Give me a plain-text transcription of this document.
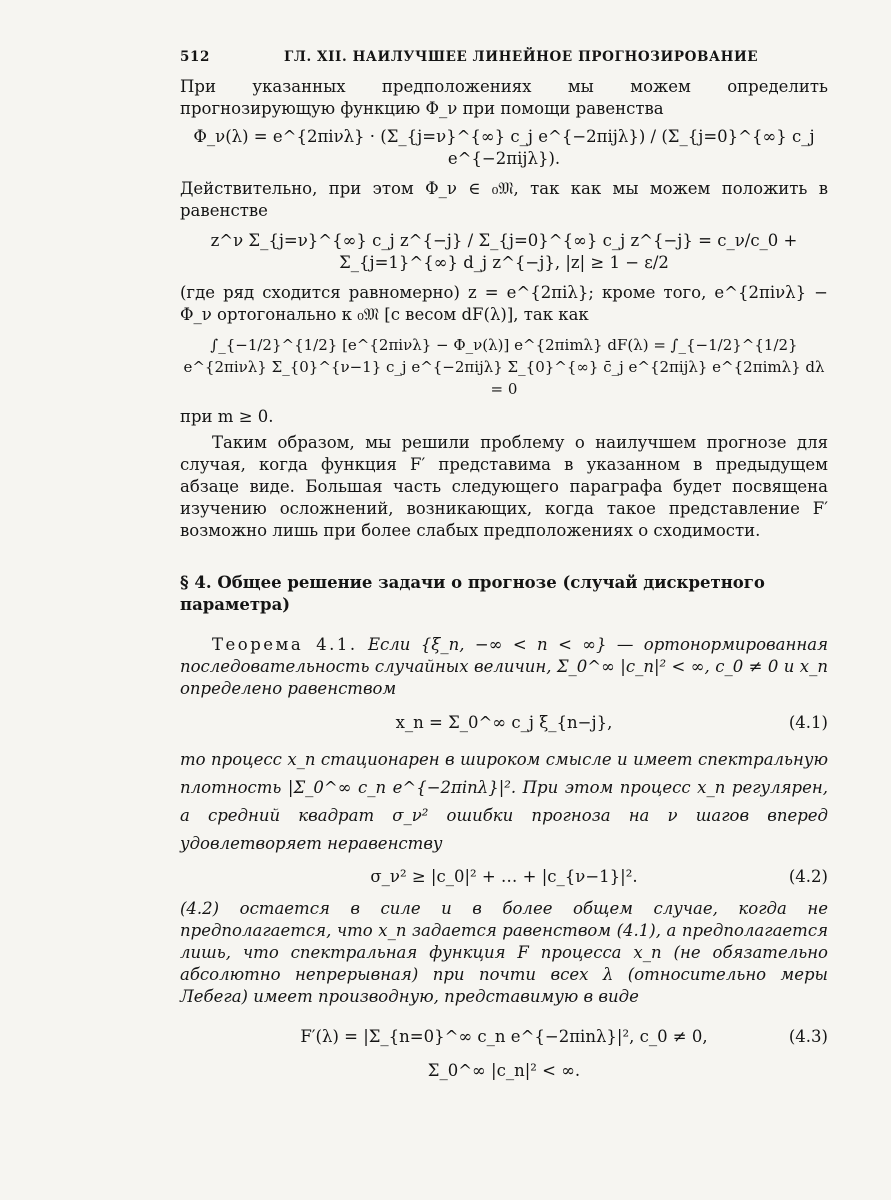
512	ГЛ. XII. НАИЛУЧШЕЕ ЛИНЕЙНОЕ ПРОГНОЗИРОВАНИЕ

При указанных предположениях мы можем определить прогнозирующую функцию Φ_ν при помощи равенства

Φ_ν(λ) = e^{2πiνλ} · (Σ_{j=ν}^{∞} c_j e^{−2πijλ}) / (Σ_{j=0}^{∞} c_j e^{−2πijλ}).

Действительно, при этом Φ_ν ∈ ₀𝔐, так как мы можем положить в равенстве

z^ν Σ_{j=ν}^{∞} c_j z^{−j} / Σ_{j=0}^{∞} c_j z^{−j} = c_ν/c_0 + Σ_{j=1}^{∞} d_j z^{−j}, |z| ≥ 1 − ε/2

(где ряд сходится равномерно) z = e^{2πiλ}; кроме того, e^{2πiνλ} − Φ_ν ортогонально к ₀𝔐 [с весом dF(λ)], так как

∫_{−1/2}^{1/2} [e^{2πiνλ} − Φ_ν(λ)] e^{2πimλ} dF(λ) = ∫_{−1/2}^{1/2} e^{2πiνλ} Σ_{0}^{ν−1} c_j e^{−2πijλ} Σ_{0}^{∞} c̄_j e^{2πijλ} e^{2πimλ} dλ = 0

при m ≥ 0.

Таким образом, мы решили проблему о наилучшем прогнозе для случая, когда функция F′ представима в указанном в предыдущем абзаце виде. Большая часть следующего параграфа будет посвящена изучению осложнений, возникающих, когда такое представление F′ возможно лишь при более слабых предположениях о сходимости.

§ 4. Общее решение задачи о прогнозе (случай дискретного параметра)

Теорема 4.1. Если {ξ_n, −∞ < n < ∞} — ортонормированная последовательность случайных величин, Σ_0^∞ |c_n|² < ∞, c_0 ≠ 0 и x_n определено равенством

x_n = Σ_0^∞ c_j ξ_{n−j},	(4.1)

то процесс x_n стационарен в широком смысле и имеет спектральную плотность |Σ_0^∞ c_n e^{−2πinλ}|². При этом процесс x_n регулярен, а средний квадрат σ_ν² ошибки прогноза на ν шагов вперед удовлетворяет неравенству

σ_ν² ≥ |c_0|² + … + |c_{ν−1}|².	(4.2)

(4.2) остается в силе и в более общем случае, когда не предполагается, что x_n задается равенством (4.1), а предполагается лишь, что спектральная функция F процесса x_n (не обязательно абсолютно непрерывная) при почти всех λ (относительно меры Лебега) имеет производную, представимую в виде

F′(λ) = |Σ_{n=0}^∞ c_n e^{−2πinλ}|², c_0 ≠ 0,	(4.3)
Σ_0^∞ |c_n|² < ∞.
